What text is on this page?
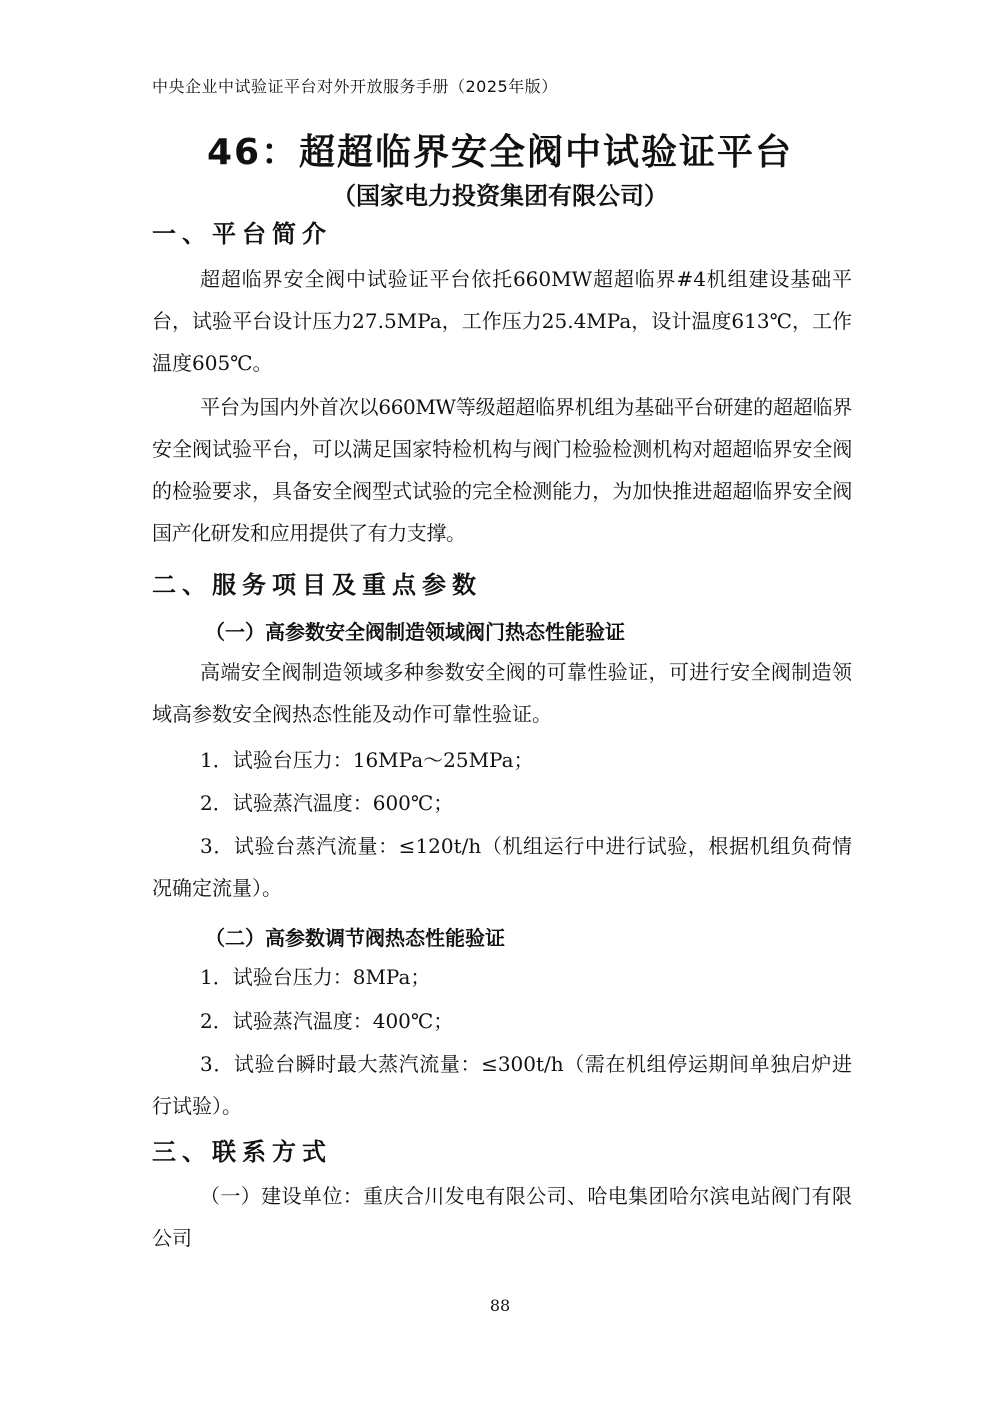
中央企业中试验证平台对外开放服务手册（2025年版）
46：超超临界安全阀中试验证平台
（国家电力投资集团有限公司）
一、平台简介

超超临界安全阀中试验证平台依托660MW超超临界#4机组建设基础平台，试验平台设计压力27.5MPa，工作压力25.4MPa，设计温度613℃，工作温度605℃。

平台为国内外首次以660MW等级超超临界机组为基础平台研建的超超临界安全阀试验平台，可以满足国家特检机构与阀门检验检测机构对超超临界安全阀的检验要求，具备安全阀型式试验的完全检测能力，为加快推进超超临界安全阀国产化研发和应用提供了有力支撑。

二、服务项目及重点参数
（一）高参数安全阀制造领域阀门热态性能验证

高端安全阀制造领域多种参数安全阀的可靠性验证，可进行安全阀制造领域高参数安全阀热态性能及动作可靠性验证。

1．试验台压力：16MPa～25MPa；

2．试验蒸汽温度：600℃；

3．试验台蒸汽流量：≤120t/h（机组运行中进行试验，根据机组负荷情况确定流量）。

（二）高参数调节阀热态性能验证

1．试验台压力：8MPa；

2．试验蒸汽温度：400℃；

3．试验台瞬时最大蒸汽流量：≤300t/h（需在机组停运期间单独启炉进行试验）。

三、联系方式

（一）建设单位：重庆合川发电有限公司、哈电集团哈尔滨电站阀门有限公司

88
